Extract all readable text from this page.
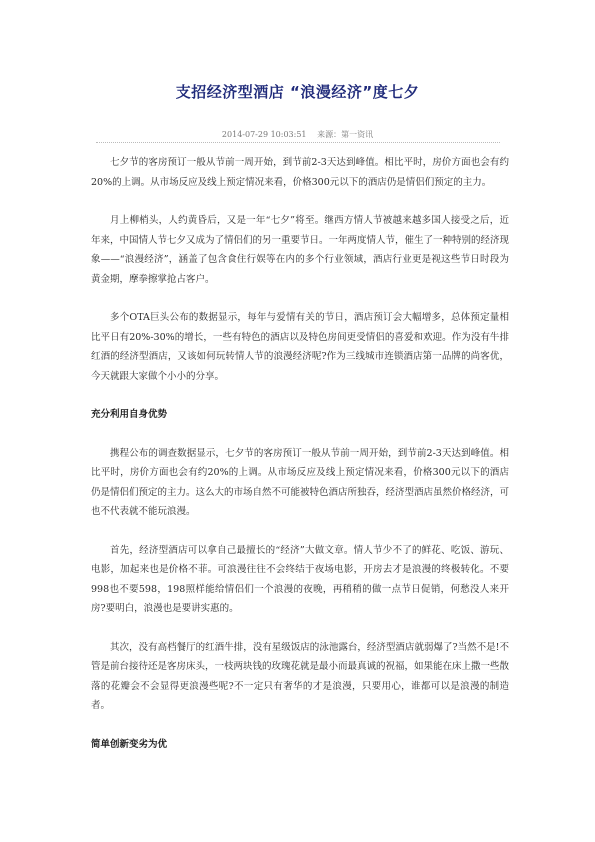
支招经济型酒店 “浪漫经济”度七夕
2014-07-29 10:03:51 来源：第一资讯

七夕节的客房预订一般从节前一周开始，到节前2-3天达到峰值。相比平时，房价方面也会有约20%的上调。从市场反应及线上预定情况来看，价格300元以下的酒店仍是情侣们预定的主力。

月上柳梢头，人约黄昏后，又是一年“七夕”将至。继西方情人节被越来越多国人接受之后，近年来，中国情人节七夕又成为了情侣们的另一重要节日。一年两度情人节，催生了一种特别的经济现象——“浪漫经济”，涵盖了包含食住行娱等在内的多个行业领域，酒店行业更是视这些节日时段为黄金期，摩拳擦掌抢占客户。

多个OTA巨头公布的数据显示，每年与爱情有关的节日，酒店预订会大幅增多，总体预定量相比平日有20%-30%的增长，一些有特色的酒店以及特色房间更受情侣的喜爱和欢迎。作为没有牛排红酒的经济型酒店，又该如何玩转情人节的浪漫经济呢?作为三线城市连锁酒店第一品牌的尚客优，今天就跟大家做个小小的分享。

充分利用自身优势

携程公布的调查数据显示，七夕节的客房预订一般从节前一周开始，到节前2-3天达到峰值。相比平时，房价方面也会有约20%的上调。从市场反应及线上预定情况来看，价格300元以下的酒店仍是情侣们预定的主力。这么大的市场自然不可能被特色酒店所独吞，经济型酒店虽然价格经济，可也不代表就不能玩浪漫。

首先，经济型酒店可以拿自己最擅长的“经济”大做文章。情人节少不了的鲜花、吃饭、游玩、电影，加起来也是价格不菲。可浪漫往往不会终结于夜场电影，开房去才是浪漫的终极转化。不要998也不要598，198照样能给情侣们一个浪漫的夜晚，再稍稍的做一点节日促销，何愁没人来开房?要明白，浪漫也是要讲实惠的。

其次，没有高档餐厅的红酒牛排，没有星级饭店的泳池露台，经济型酒店就弱爆了?当然不是!不管是前台接待还是客房床头，一枝两块钱的玫瑰花就是最小而最真诚的祝福，如果能在床上撒一些散落的花瓣会不会显得更浪漫些呢?不一定只有奢华的才是浪漫，只要用心，谁都可以是浪漫的制造者。

简单创新变劣为优
